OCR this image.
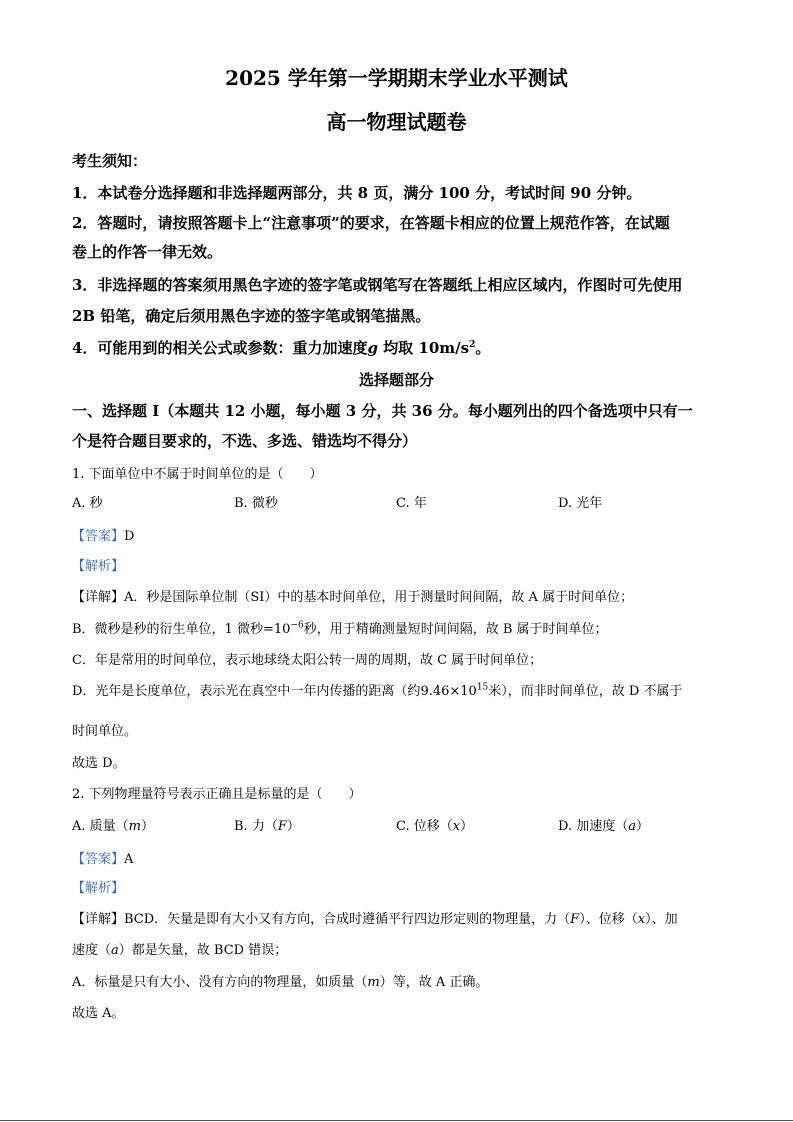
2025 学年第一学期期末学业水平测试
高一物理试题卷
考生须知：
1．本试卷分选择题和非选择题两部分，共 8 页，满分 100 分，考试时间 90 分钟。
2．答题时，请按照答题卡上“注意事项”的要求，在答题卡相应的位置上规范作答，在试题
卷上的作答一律无效。
3．非选择题的答案须用黑色字迹的签字笔或钢笔写在答题纸上相应区域内，作图时可先使用
2B 铅笔，确定后须用黑色字迹的签字笔或钢笔描黑。
4．可能用到的相关公式或参数：重力加速度g 均取 $10m/s^2$。
选择题部分
一、选择题 I（本题共 12 小题，每小题 3 分，共 36 分。每小题列出的四个备选项中只有一
个是符合题目要求的，不选、多选、错选均不得分）
1. 下面单位中不属于时间单位的是（　　）
A. 秒	B. 微秒	C. 年	D. 光年
【答案】D
【解析】
【详解】A．秒是国际单位制（SI）中的基本时间单位，用于测量时间间隔，故 A 属于时间单位；
B．微秒是秒的衍生单位，1 微秒$=10^{-6}$秒，用于精确测量短时间间隔，故 B 属于时间单位；
C．年是常用的时间单位，表示地球绕太阳公转一周的周期，故 C 属于时间单位；
D．光年是长度单位，表示光在真空中一年内传播的距离（约$9.46\times 10^{15}$米），而非时间单位，故 D 不属于
时间单位。
故选 D。
2. 下列物理量符号表示正确且是标量的是（　　）
A. 质量（m）	B. 力（F）	C. 位移（x）	D. 加速度（a）
【答案】A
【解析】
【详解】BCD．矢量是即有大小又有方向，合成时遵循平行四边形定则的物理量，力（F）、位移（x）、加
速度（a）都是矢量，故 BCD 错误；
A．标量是只有大小、没有方向的物理量，如质量（m）等，故 A 正确。
故选 A。
